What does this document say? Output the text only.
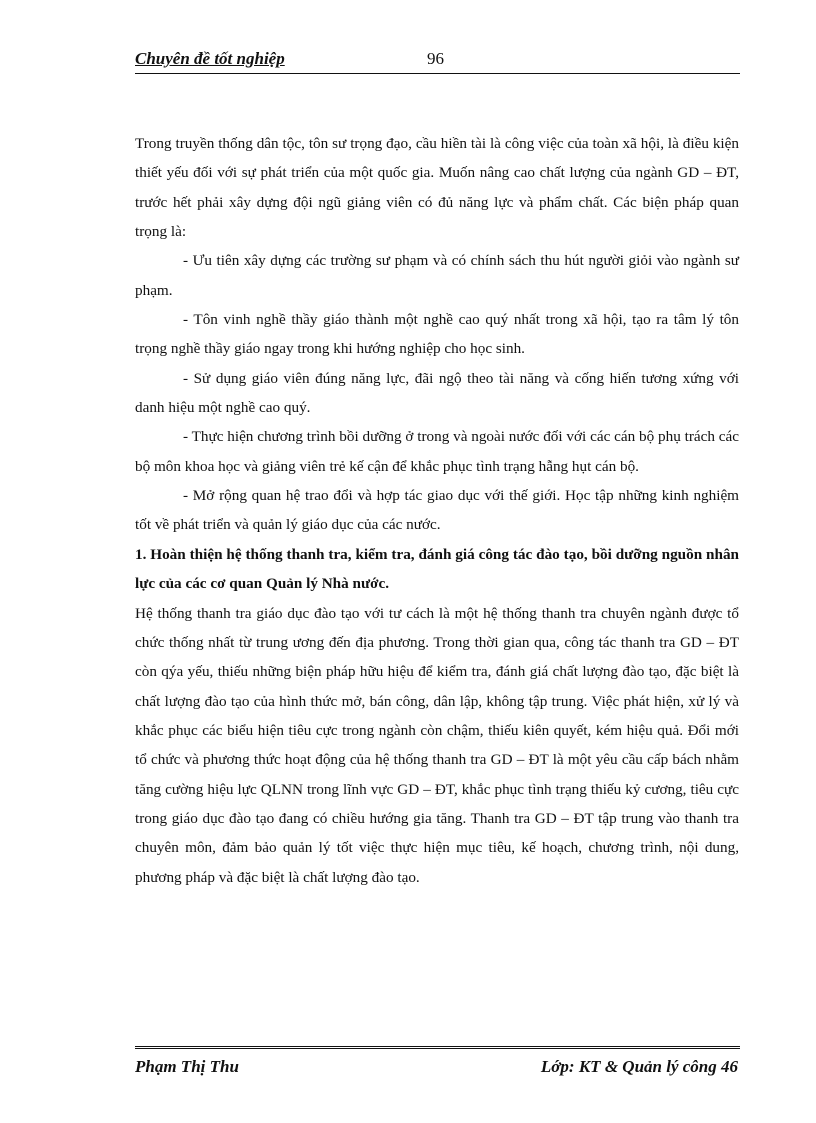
Chuyên đề tốt nghiệp	96

Trong truyền thống dân tộc, tôn sư trọng đạo, cầu hiền tài là công việc của toàn xã hội, là điều kiện thiết yếu đối với sự phát triển của một quốc gia. Muốn nâng cao chất lượng của ngành GD – ĐT, trước hết phải xây dựng đội ngũ giảng viên có đủ năng lực và phẩm chất. Các biện pháp quan trọng là:

- Ưu tiên xây dựng các trường sư phạm và có chính sách thu hút người giỏi vào ngành sư phạm.

- Tôn vinh nghề thầy giáo thành một nghề cao quý nhất trong xã hội, tạo ra tâm lý tôn trọng nghề thầy giáo ngay trong khi hướng nghiệp cho học sinh.

- Sử dụng giáo viên đúng năng lực, đãi ngộ theo tài năng và cống hiến tương xứng với danh hiệu một nghề cao quý.

- Thực hiện chương trình bồi dưỡng ở trong và ngoài nước đối với các cán bộ phụ trách các bộ môn khoa học và giảng viên trẻ kế cận để khắc phục tình trạng hẫng hụt cán bộ.

- Mở rộng quan hệ trao đổi và hợp tác giao dục với thế giới. Học tập những kinh nghiệm tốt về phát triển và quản lý giáo dục của các nước.

1. Hoàn thiện hệ thống thanh tra, kiểm tra, đánh giá công tác đào tạo, bồi dưỡng nguồn nhân lực của các cơ quan Quản lý Nhà nước.

Hệ thống thanh tra giáo dục đào tạo với tư cách là một hệ thống thanh tra chuyên ngành được tổ chức thống nhất từ trung ương đến địa phương. Trong thời gian qua, công tác thanh tra GD – ĐT còn qýa yếu, thiếu những biện pháp hữu hiệu để kiểm tra, đánh giá chất lượng đào tạo, đặc biệt là chất lượng đào tạo của hình thức mở, bán công, dân lập, không tập trung. Việc phát hiện, xử lý và khắc phục các biểu hiện tiêu cực trong ngành còn chậm, thiếu kiên quyết, kém hiệu quả. Đổi mới tổ chức và phương thức hoạt động của hệ thống thanh tra GD – ĐT là một yêu cầu cấp bách nhằm tăng cường hiệu lực QLNN trong lĩnh vực GD – ĐT, khắc phục tình trạng thiếu kỷ cương, tiêu cực trong giáo dục đào tạo đang có chiều hướng gia tăng. Thanh tra GD – ĐT tập trung vào thanh tra chuyên môn, đảm bảo quản lý tốt việc thực hiện mục tiêu, kế hoạch, chương trình, nội dung, phương pháp và đặc biệt là chất lượng đào tạo.

Phạm Thị Thu	Lớp: KT & Quản lý công 46
